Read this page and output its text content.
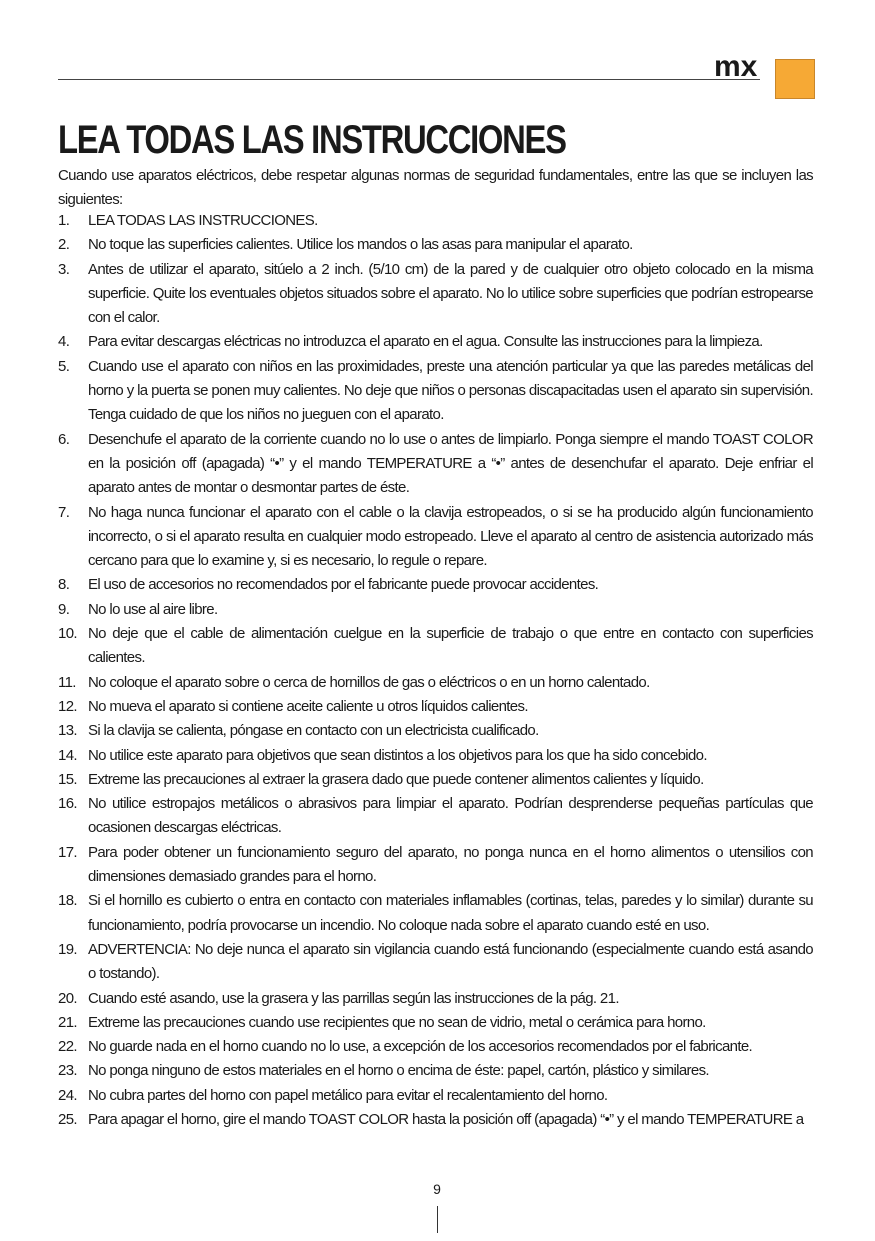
mx
LEA TODAS LAS INSTRUCCIONES

Cuando use aparatos eléctricos, debe respetar algunas normas de seguridad fundamentales, entre las que se incluyen las siguientes:

1. LEA TODAS LAS INSTRUCCIONES.
2. No toque las superficies calientes. Utilice los mandos o las asas para manipular el aparato.
3. Antes de utilizar el aparato, sitúelo a 2 inch. (5/10 cm) de la pared y de cualquier otro objeto colocado en la misma superficie. Quite los eventuales objetos situados sobre el aparato. No lo utilice sobre superficies que podrían estropearse con el calor.
4. Para evitar descargas eléctricas no introduzca el aparato en el agua. Consulte las instrucciones para la limpieza.
5. Cuando use el aparato con niños en las proximidades, preste una atención particular ya que las paredes metálicas del horno y la puerta se ponen muy calientes. No deje que niños o personas discapacitadas usen el aparato sin supervisión. Tenga cuidado de que los niños no jueguen con el aparato.
6. Desenchufe el aparato de la corriente cuando no lo use o antes de limpiarlo. Ponga siempre el mando TOAST COLOR en la posición off (apagada) “•” y el mando TEMPERATURE a “•” antes de desenchufar el aparato. Deje enfriar el aparato antes de montar o desmontar partes de éste.
7. No haga nunca funcionar el aparato con el cable o la clavija estropeados, o si se ha producido algún funcionamiento incorrecto, o si el aparato resulta en cualquier modo estropeado. Lleve el aparato al centro de asistencia autorizado más cercano para que lo examine y, si es necesario, lo regule o repare.
8. El uso de accesorios no recomendados por el fabricante puede provocar accidentes.
9. No lo use al aire libre.
10. No deje que el cable de alimentación cuelgue en la superficie de trabajo o que entre en contacto con superficies calientes.
11. No coloque el aparato sobre o cerca de hornillos de gas o eléctricos o en un horno calentado.
12. No mueva el aparato si contiene aceite caliente u otros líquidos calientes.
13. Si la clavija se calienta, póngase en contacto con un electricista cualificado.
14. No utilice este aparato para objetivos que sean distintos a los objetivos para los que ha sido concebido.
15. Extreme las precauciones al extraer la grasera dado que puede contener alimentos calientes y líquido.
16. No utilice estropajos metálicos o abrasivos para limpiar el aparato. Podrían desprenderse pequeñas partículas que ocasionen descargas eléctricas.
17. Para poder obtener un funcionamiento seguro del aparato, no ponga nunca en el horno alimentos o utensilios con dimensiones demasiado grandes para el horno.
18. Si el hornillo es cubierto o entra en contacto con materiales inflamables (cortinas, telas, paredes y lo similar) durante su funcionamiento, podría provocarse un incendio. No coloque nada sobre el aparato cuando esté en uso.
19. ADVERTENCIA: No deje nunca el aparato sin vigilancia cuando está funcionando (especialmente cuando está asando o tostando).
20. Cuando esté asando, use la grasera y las parrillas según las instrucciones de la pág. 21.
21. Extreme las precauciones cuando use recipientes que no sean de vidrio, metal o cerámica para horno.
22. No guarde nada en el horno cuando no lo use, a excepción de los accesorios recomendados por el fabricante.
23. No ponga ninguno de estos materiales en el horno o encima de éste: papel, cartón, plástico y similares.
24. No cubra partes del horno con papel metálico para evitar el recalentamiento del horno.
25. Para apagar el horno, gire el mando TOAST COLOR hasta la posición off (apagada) “•” y el mando TEMPERATURE a
9
